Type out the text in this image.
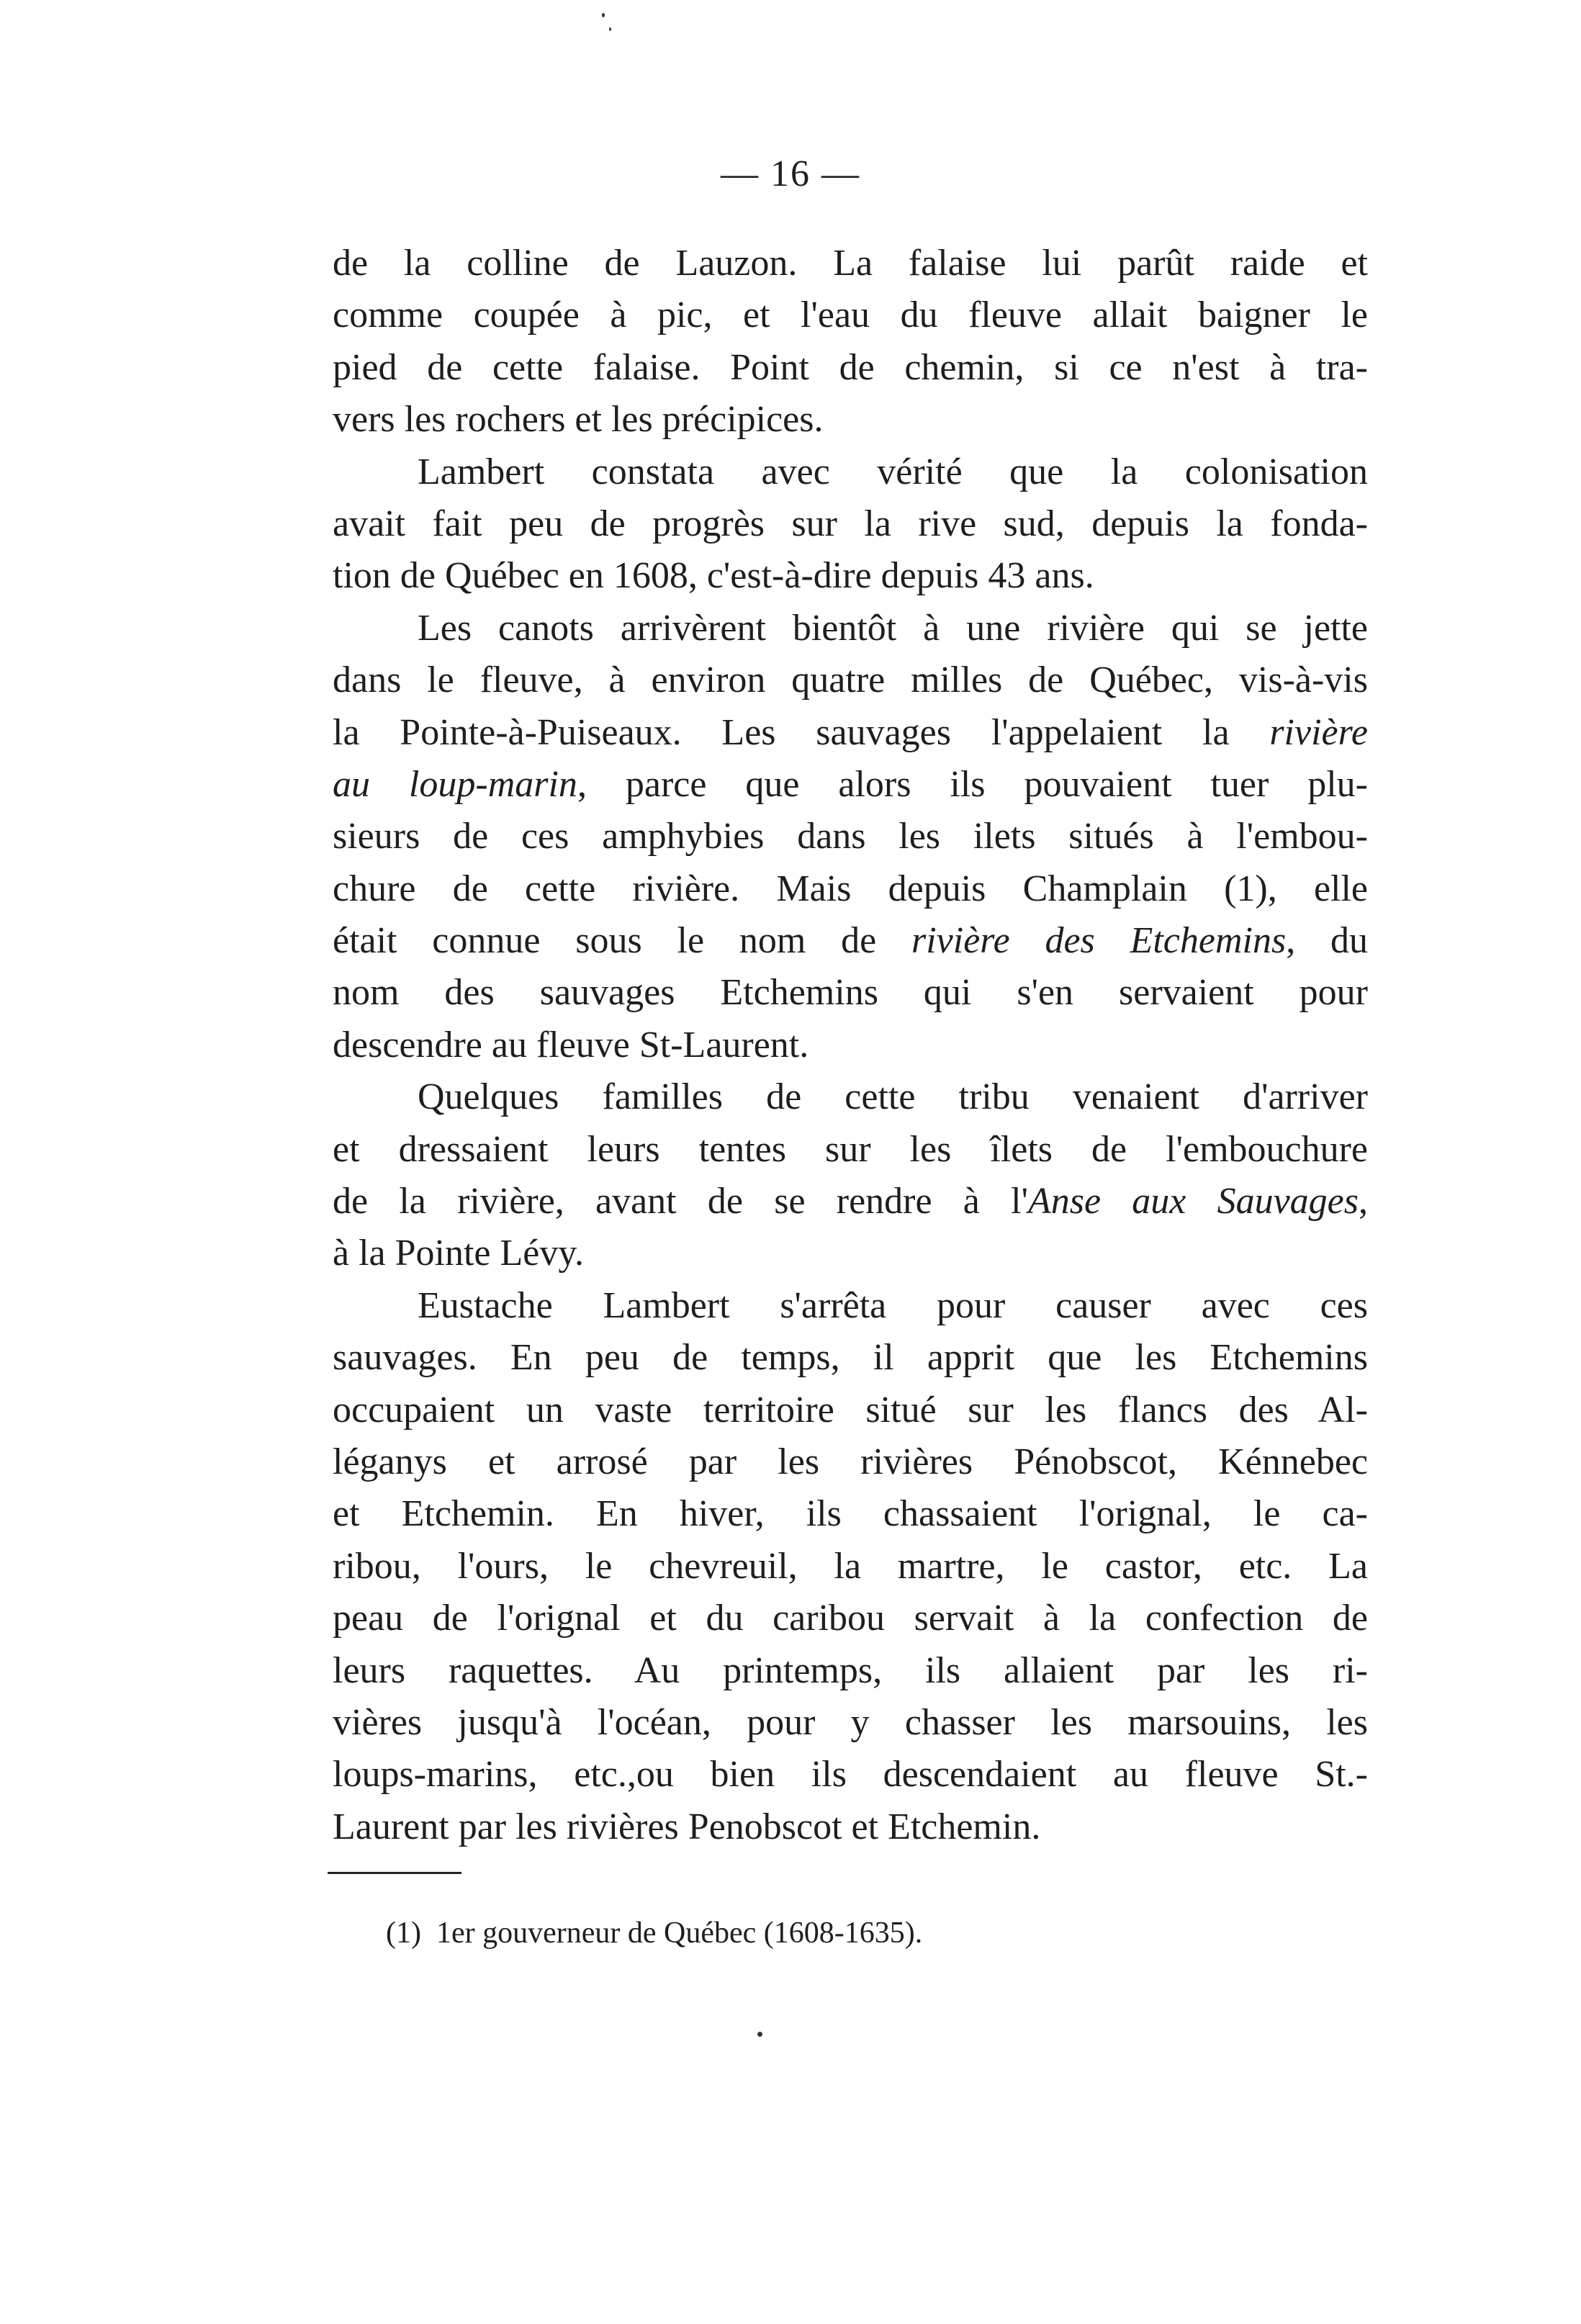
— 16 —
de la colline de Lauzon. La falaise lui parût raide et
comme coupée à pic, et l'eau du fleuve allait baigner le
pied de cette falaise. Point de chemin, si ce n'est à tra-
vers les rochers et les précipices.
Lambert constata avec vérité que la colonisation
avait fait peu de progrès sur la rive sud, depuis la fonda-
tion de Québec en 1608, c'est-à-dire depuis 43 ans.
Les canots arrivèrent bientôt à une rivière qui se jette
dans le fleuve, à environ quatre milles de Québec, vis-à-vis
la Pointe-à-Puiseaux. Les sauvages l'appelaient la rivière
au loup-marin, parce que alors ils pouvaient tuer plu-
sieurs de ces amphybies dans les ilets situés à l'embou-
chure de cette rivière. Mais depuis Champlain (1), elle
était connue sous le nom de rivière des Etchemins, du
nom des sauvages Etchemins qui s'en servaient pour
descendre au fleuve St-Laurent.
Quelques familles de cette tribu venaient d'arriver
et dressaient leurs tentes sur les îlets de l'embouchure
de la rivière, avant de se rendre à l'Anse aux Sauvages,
à la Pointe Lévy.
Eustache Lambert s'arrêta pour causer avec ces
sauvages. En peu de temps, il apprit que les Etchemins
occupaient un vaste territoire situé sur les flancs des Al-
léganys et arrosé par les rivières Pénobscot, Kénnebec
et Etchemin. En hiver, ils chassaient l'orignal, le ca-
ribou, l'ours, le chevreuil, la martre, le castor, etc. La
peau de l'orignal et du caribou servait à la confection de
leurs raquettes. Au printemps, ils allaient par les ri-
vières jusqu'à l'océan, pour y chasser les marsouins, les
loups-marins, etc.,ou bien ils descendaient au fleuve St.-
Laurent par les rivières Penobscot et Etchemin.
(1) 1er gouverneur de Québec (1608-1635).
